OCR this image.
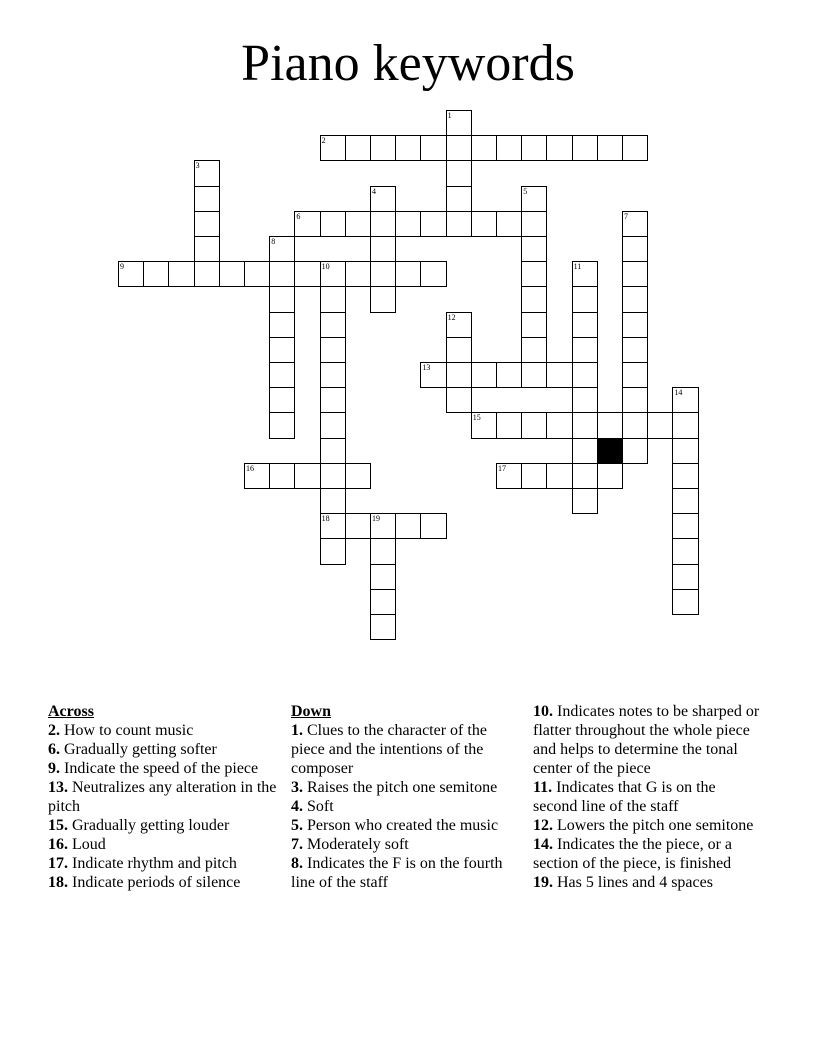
Piano keywords
2
6
9	10
13
15
16	17
18	19
1
3
4	5
7
8
11
12
14
Across
2. How to count music
6. Gradually getting softer
9. Indicate the speed of the piece
13. Neutralizes any alteration in the pitch
15. Gradually getting louder
16. Loud
17. Indicate rhythm and pitch
18. Indicate periods of silence
Down
1. Clues to the character of the piece and the intentions of the composer
3. Raises the pitch one semitone
4. Soft
5. Person who created the music
7. Moderately soft
8. Indicates the F is on the fourth line of the staff
10. Indicates notes to be sharped or flatter throughout the whole piece and helps to determine the tonal center of the piece
11. Indicates that G is on the second line of the staff
12. Lowers the pitch one semitone
14. Indicates the the piece, or a section of the piece, is finished
19. Has 5 lines and 4 spaces
